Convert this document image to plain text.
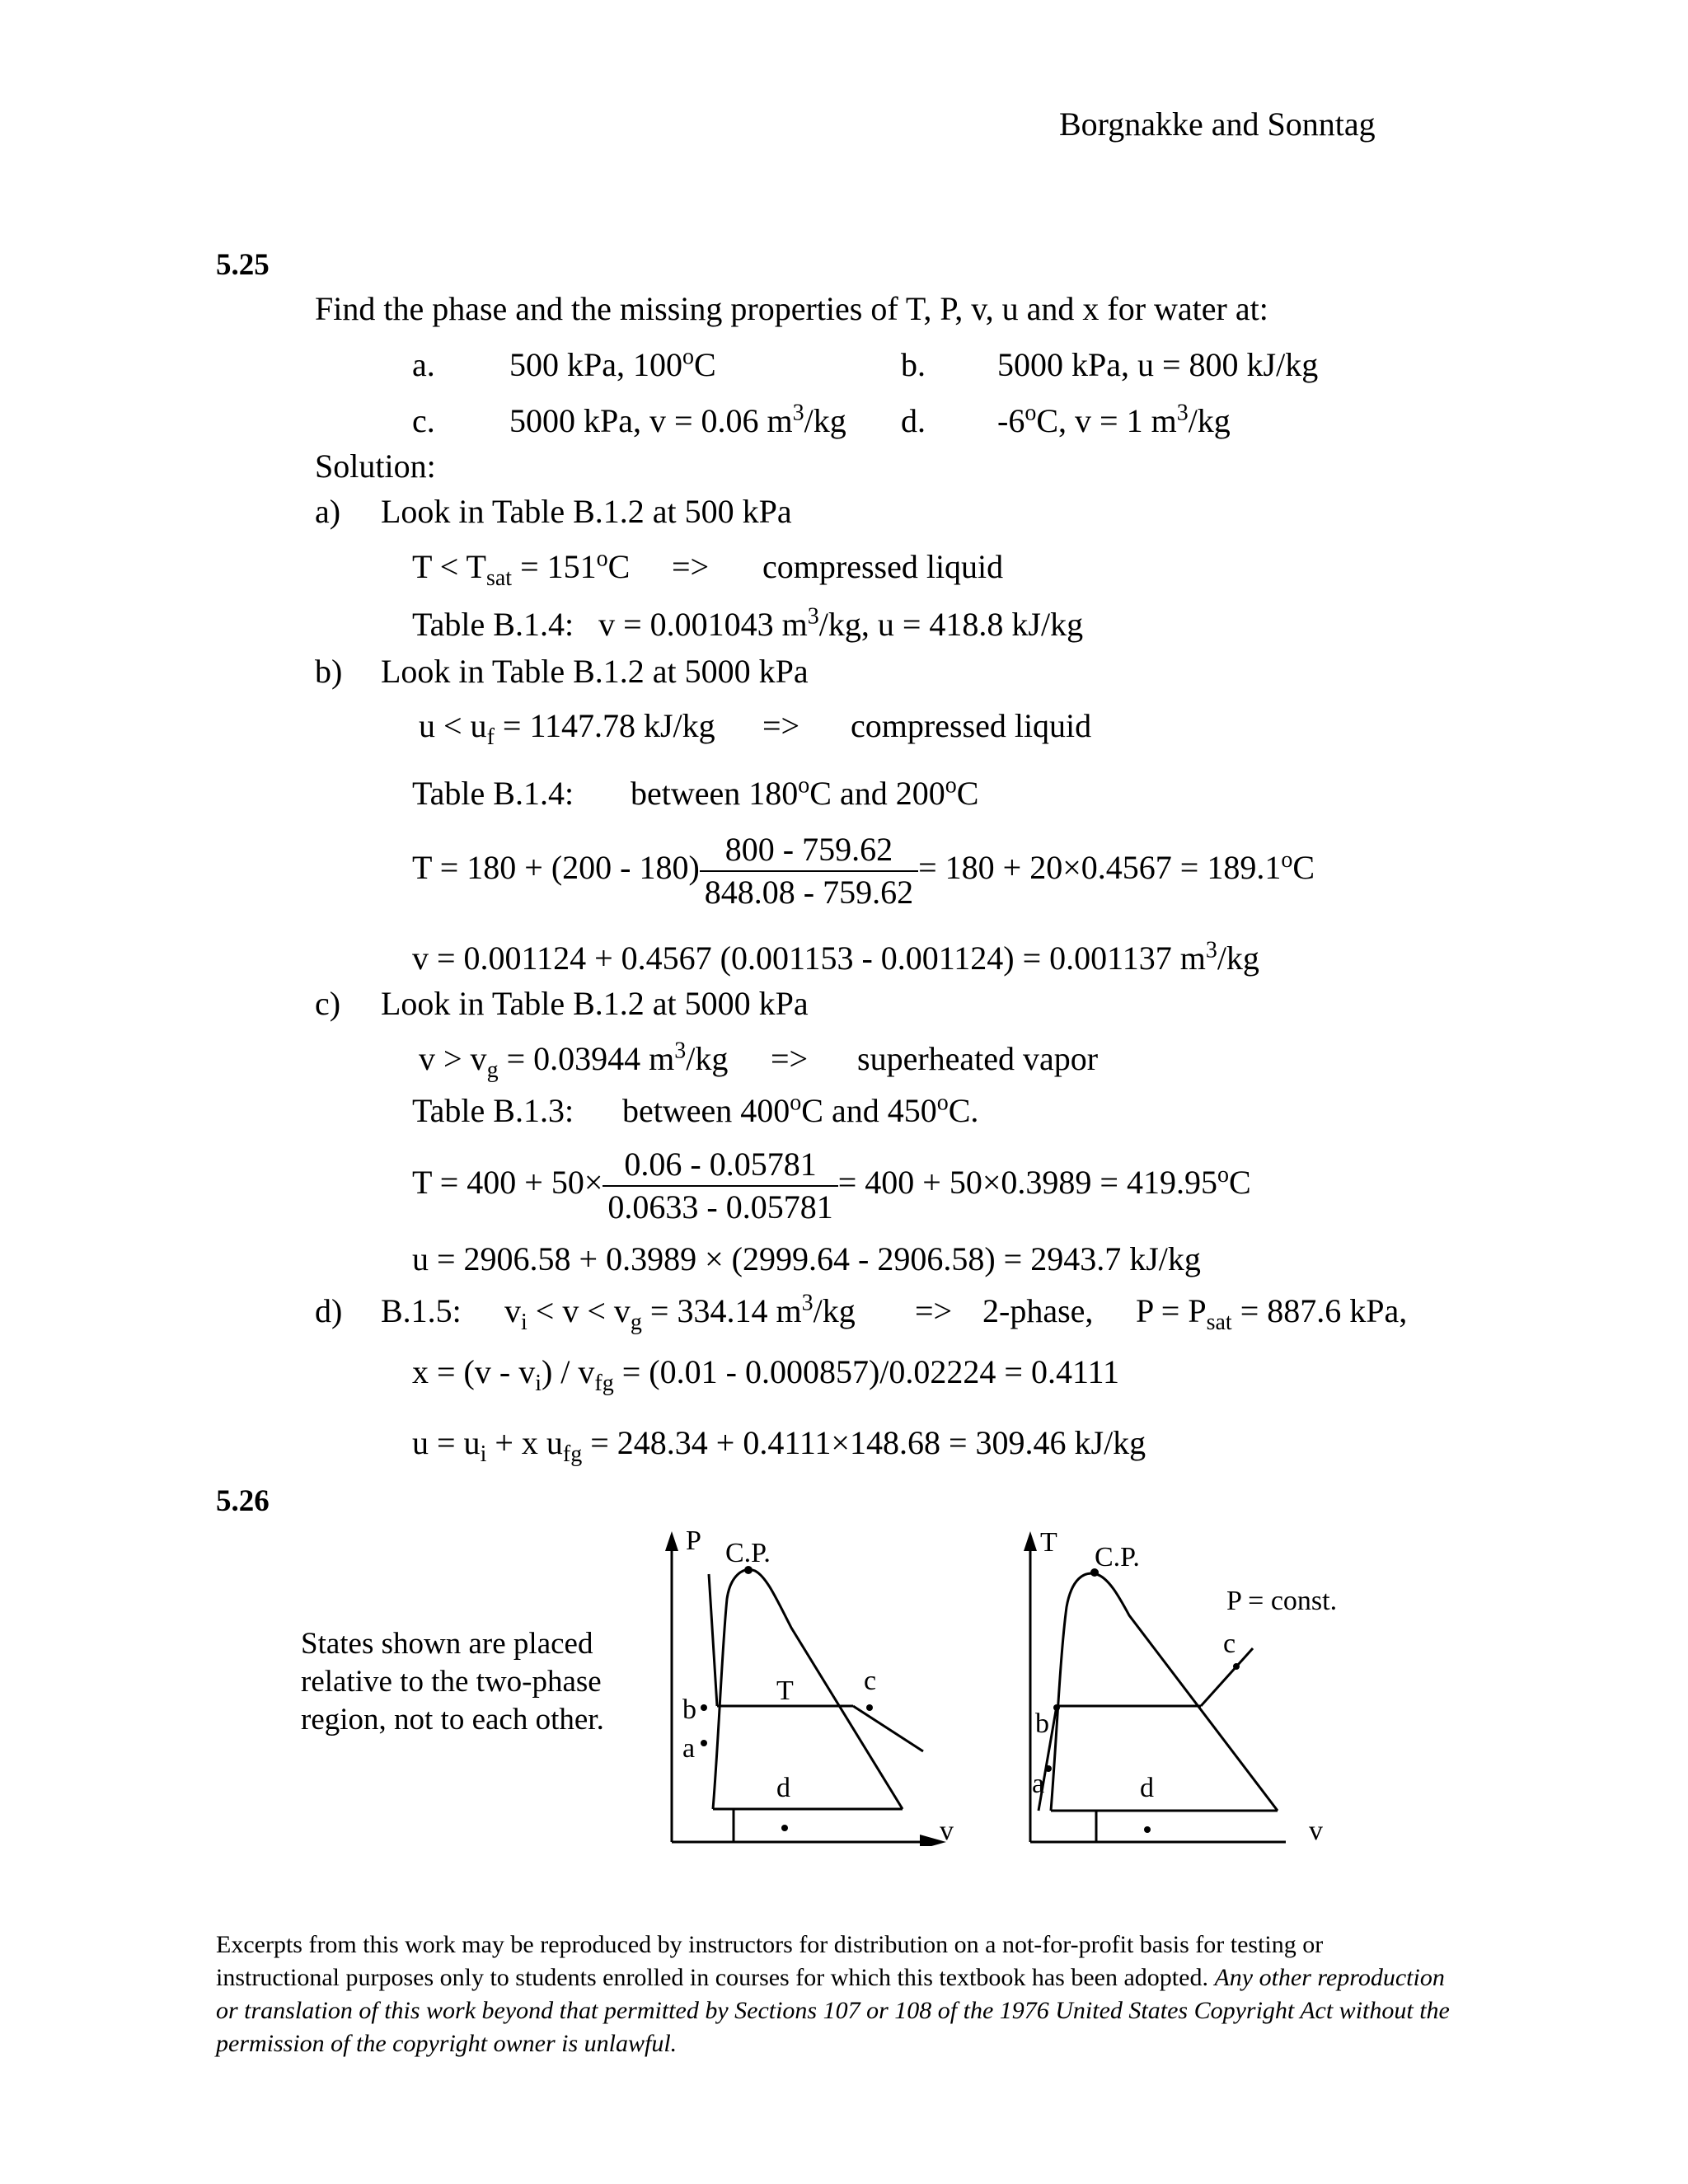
Borgnakke and Sonntag
5.25
Find the phase and the missing properties of T, P, v, u and x for water at:
a. 500 kPa, 100$^o$C	b. 5000 kPa, u = 800 kJ/kg
c. 5000 kPa, v = 0.06 $m^3/kg$ d. -6$^o$C, v = 1 $m^3/kg$
Solution:
a) Look in Table B.1.2 at 500 kPa
$T < T_{sat} = 151^oC$ => compressed liquid
Table B.1.4: v = 0.001043 $m^3/kg$, u = 418.8 kJ/kg
b) Look in Table B.1.2 at 5000 kPa
$u < u_f = 1147.78$ kJ/kg => compressed liquid
Table B.1.4: between 180$^o$C and 200$^o$C
$T = 180 + (200 - 180) \frac{800 - 759.62}{848.08 - 759.62} = 180 + 20\times 0.4567 = 189.1^oC$
v = 0.001124 + 0.4567 (0.001153 - 0.001124) = 0.001137 $m^3/kg$
c) Look in Table B.1.2 at 5000 kPa
$v > v_g = 0.03944$ $m^3/kg$ => superheated vapor
Table B.1.3: between 400$^o$C and 450$^o$C.
$T = 400 + 50\times \frac{0.06 - 0.05781}{0.0633 - 0.05781} = 400 + 50\times 0.3989 = 419.95^oC$
u = 2906.58 + 0.3989 × (2999.64 - 2906.58) = 2943.7 kJ/kg
d) B.1.5: $v_i < v < v_g = 334.14$ $m^3/kg$ => 2-phase, $P = P_{sat} = 887.6$ kPa,
$x = (v - v_i) / v_{fg} = (0.01 - 0.000857)/0.02224 = 0.4111$
$u = u_i + x$ $u_{fg} = 248.34 + 0.4111\times 148.68 = 309.46$ kJ/kg
5.26
States shown are placed relative to the two-phase region, not to each other.
P C.P.
T
b
a
c
d
v
T C.P.
P = const.
b
a
c
d
v
Excerpts from this work may be reproduced by instructors for distribution on a not-for-profit basis for testing or instructional purposes only to students enrolled in courses for which this textbook has been adopted. Any other reproduction or translation of this work beyond that permitted by Sections 107 or 108 of the 1976 United States Copyright Act without the permission of the copyright owner is unlawful.
